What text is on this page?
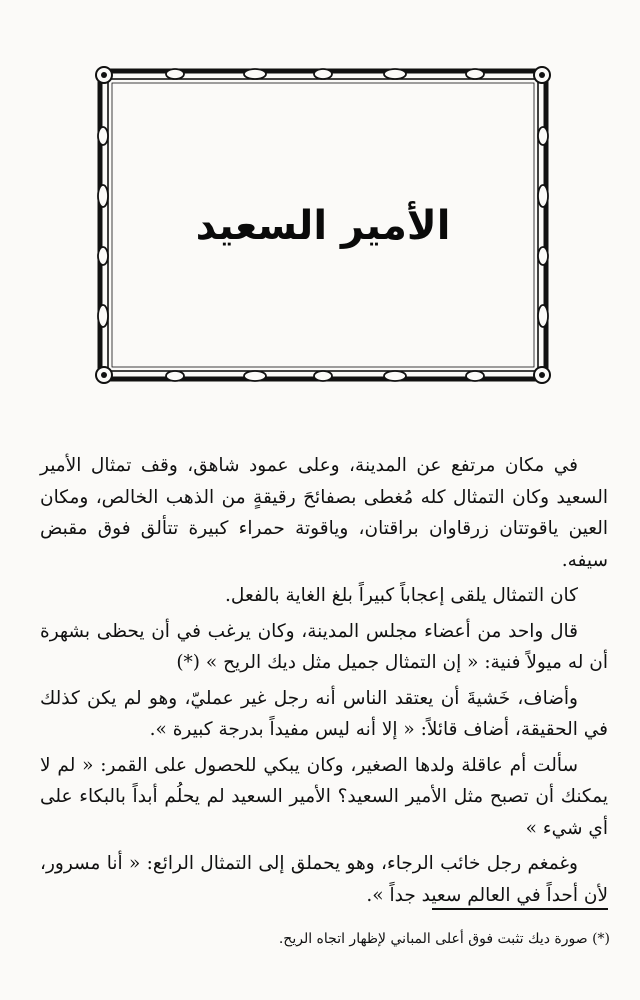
الأمير السعيد

في مكان مرتفع عن المدينة، وعلى عمود شاهق، وقف تمثال الأمير السعيد وكان التمثال كله مُغطى بصفائحَ رقيقةٍ من الذهب الخالص، ومكان العين ياقوتتان زرقاوان براقتان، وياقوتة حمراء كبيرة تتألق فوق مقبض سيفه.

كان التمثال يلقى إعجاباً كبيراً بلغ الغاية بالفعل.

قال واحد من أعضاء مجلس المدينة، وكان يرغب في أن يحظى بشهرة أن له ميولاً فنية: « إن التمثال جميل مثل ديك الريح » (*)

وأضاف، خَشيةَ أن يعتقد الناس أنه رجل غير عمليّ، وهو لم يكن كذلك في الحقيقة، أضاف قائلاً: « إلا أنه ليس مفيداً بدرجة كبيرة ».

سألت أم عاقلة ولدها الصغير، وكان يبكي للحصول على القمر: « لم لا يمكنك أن تصبح مثل الأمير السعيد؟ الأمير السعيد لم يحلُم أبداً بالبكاء على أي شيء »

وغمغم رجل خائب الرجاء، وهو يحملق إلى التمثال الرائع: « أنا مسرور، لأن أحداً في العالم سعيد جداً ».

(*) صورة ديك تثبت فوق أعلى المباني لإظهار اتجاه الريح.
